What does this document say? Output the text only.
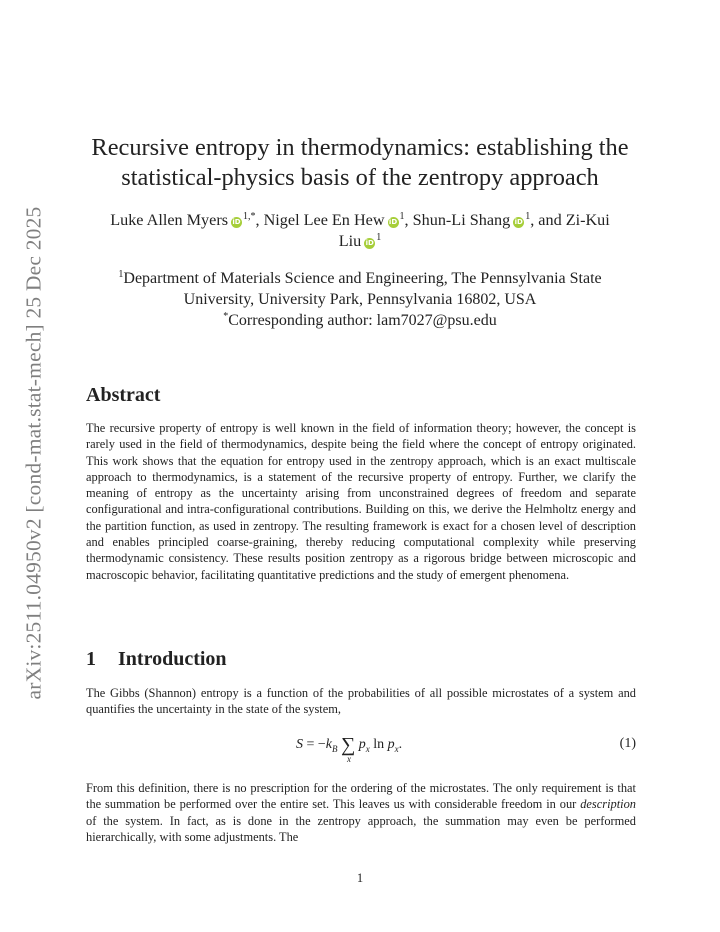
arXiv:2511.04950v2 [cond-mat.stat-mech] 25 Dec 2025
Recursive entropy in thermodynamics: establishing the
statistical-physics basis of the zentropy approach
Luke Allen Myers iD $^{1,*}$, Nigel Lee En Hew iD $^1$, Shun-Li Shang iD $^1$, and Zi-Kui
Liu iD $^1$
$^1$Department of Materials Science and Engineering, The Pennsylvania State
University, University Park, Pennsylvania 16802, USA
*Corresponding author: lam7027@psu.edu
Abstract

The recursive property of entropy is well known in the field of information theory; however, the concept is rarely used in the field of thermodynamics, despite being the field where the concept of entropy originated. This work shows that the equation for entropy used in the zentropy approach, which is an exact multiscale approach to thermodynamics, is a statement of the recursive property of entropy. Further, we clarify the meaning of entropy as the uncertainty arising from unconstrained degrees of freedom and separate configurational and intra-configurational contributions. Building on this, we derive the Helmholtz energy and the partition function, as used in zentropy. The resulting framework is exact for a chosen level of description and enables principled coarse-graining, thereby reducing computational complexity while preserving thermodynamic consistency. These results position zentropy as a rigorous bridge between microscopic and macroscopic behavior, facilitating quantitative predictions and the study of emergent phenomena.

1 Introduction

The Gibbs (Shannon) entropy is a function of the probabilities of all possible microstates of a system and quantifies the uncertainty in the state of the system,

$S = -k_B$ ∑
x
$p_x$ $\ln p_x$.	(1)

From this definition, there is no prescription for the ordering of the microstates. The only requirement is that the summation be performed over the entire set. This leaves us with considerable freedom in our description of the system. In fact, as is done in the zentropy approach, the summation may even be performed hierarchically, with some adjustments. The

1
